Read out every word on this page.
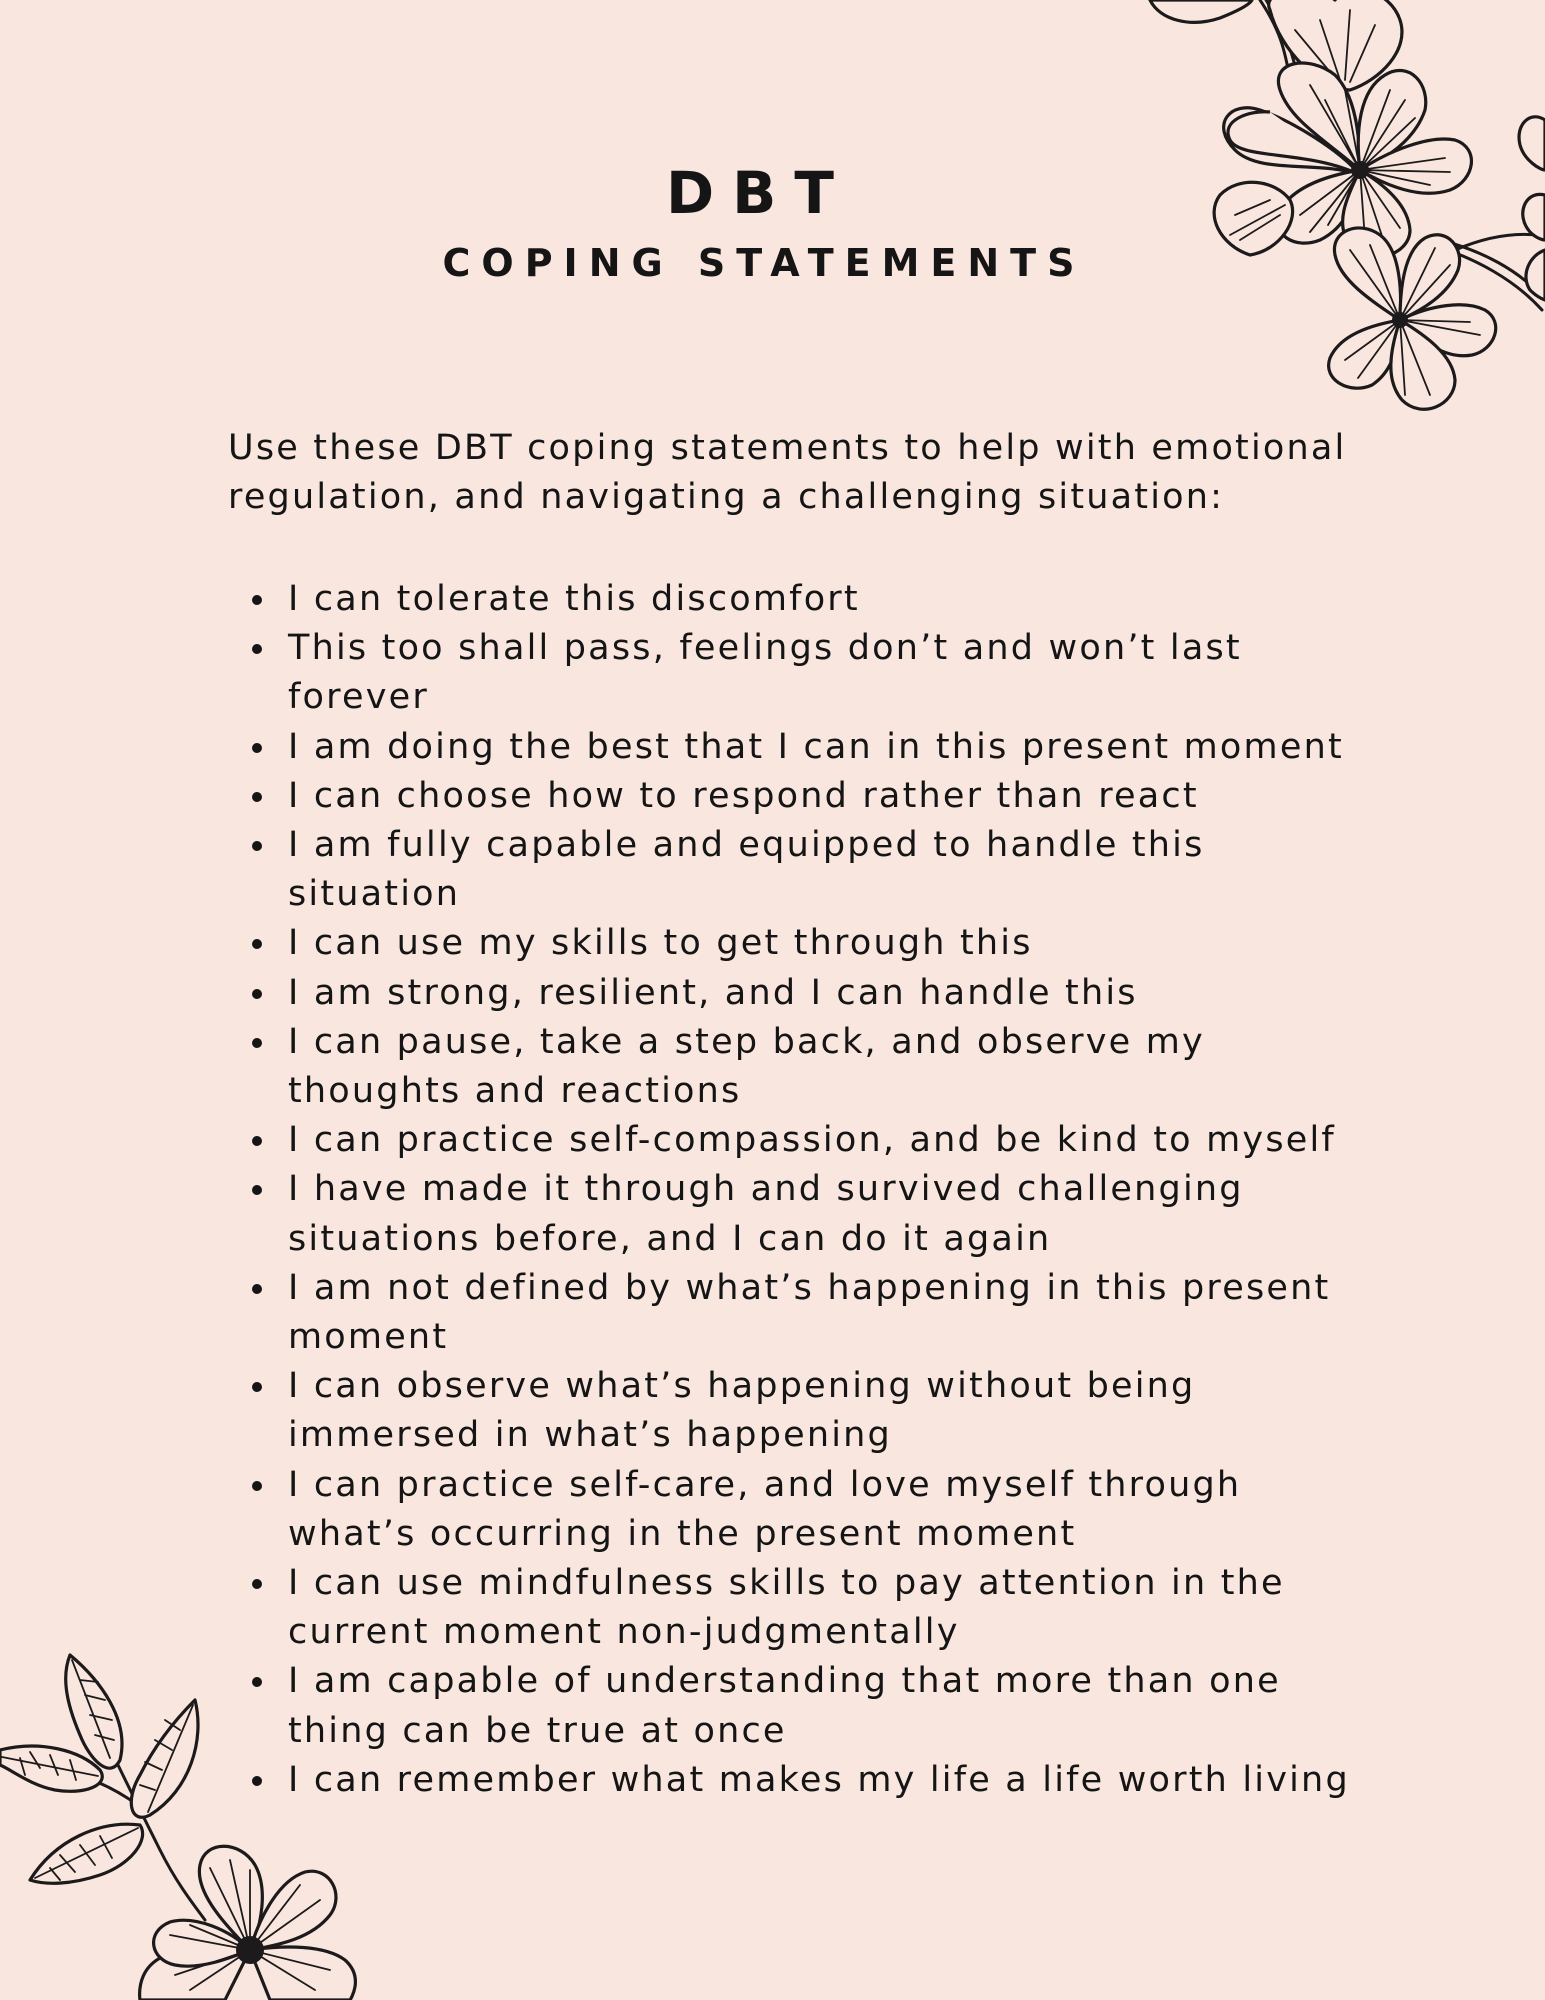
DBT
COPING STATEMENTS

Use these DBT coping statements to help with emotional regulation, and navigating a challenging situation:

I can tolerate this discomfort
This too shall pass, feelings don’t and won’t last forever
I am doing the best that I can in this present moment
I can choose how to respond rather than react
I am fully capable and equipped to handle this situation
I can use my skills to get through this
I am strong, resilient, and I can handle this
I can pause, take a step back, and observe my thoughts and reactions
I can practice self-compassion, and be kind to myself
I have made it through and survived challenging situations before, and I can do it again
I am not defined by what’s happening in this present moment
I can observe what’s happening without being immersed in what’s happening
I can practice self-care, and love myself through what’s occurring in the present moment
I can use mindfulness skills to pay attention in the current moment non-judgmentally
I am capable of understanding that more than one thing can be true at once
I can remember what makes my life a life worth living
